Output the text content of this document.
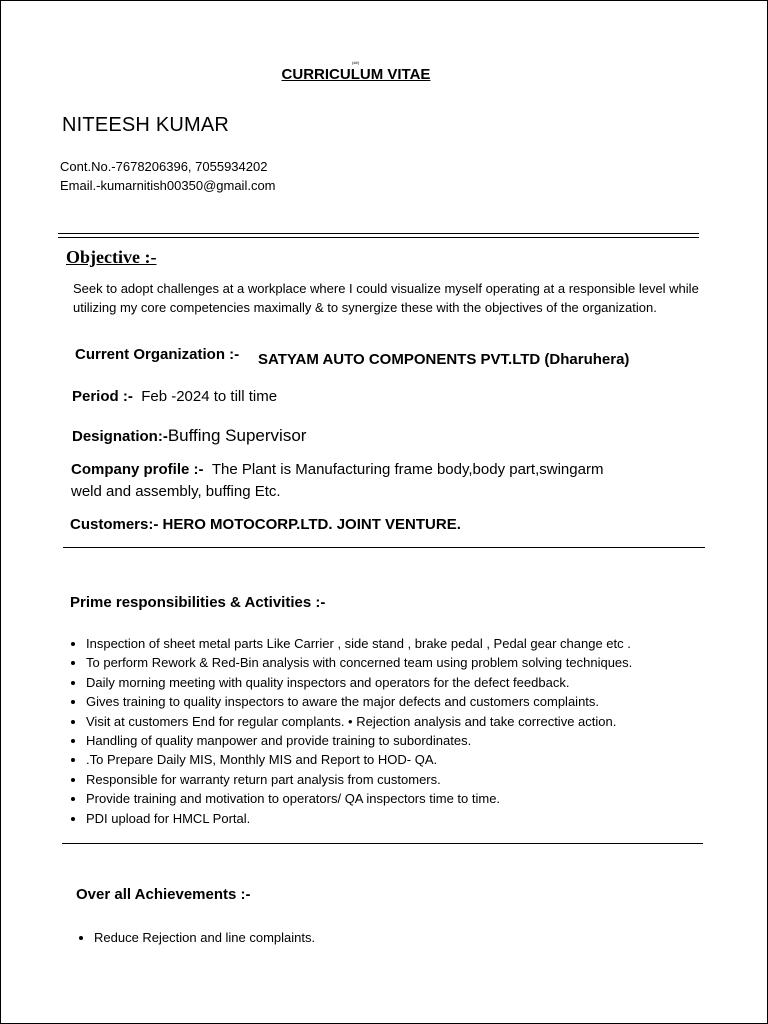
(##)
CURRICULUM VITAE
NITEESH KUMAR
Cont.No.-7678206396, 7055934202
Email.-kumarnitish00350@gmail.com
Objective :-
Seek to adopt challenges at a workplace where I could visualize myself operating at a responsible level while utilizing my core competencies maximally & to synergize these with the objectives of the organization.
Current Organization :- SATYAM AUTO COMPONENTS PVT.LTD (Dharuhera)
Period :- Feb -2024 to till time
Designation:-Buffing Supervisor
Company profile :- The Plant is Manufacturing frame body,body part,swingarm
weld and assembly, buffing Etc.
Customers:- HERO MOTOCORP.LTD. JOINT VENTURE.
Prime responsibilities & Activities :-
• Inspection of sheet metal parts Like Carrier , side stand , brake pedal , Pedal gear change etc .
• To perform Rework & Red-Bin analysis with concerned team using problem solving techniques.
• Daily morning meeting with quality inspectors and operators for the defect feedback.
• Gives training to quality inspectors to aware the major defects and customers complaints.
• Visit at customers End for regular complants. • Rejection analysis and take corrective action.
• Handling of quality manpower and provide training to subordinates.
• .To Prepare Daily MIS, Monthly MIS and Report to HOD- QA.
• Responsible for warranty return part analysis from customers.
• Provide training and motivation to operators/ QA inspectors time to time.
• PDI upload for HMCL Portal.
Over all Achievements :-
• Reduce Rejection and line complaints.
